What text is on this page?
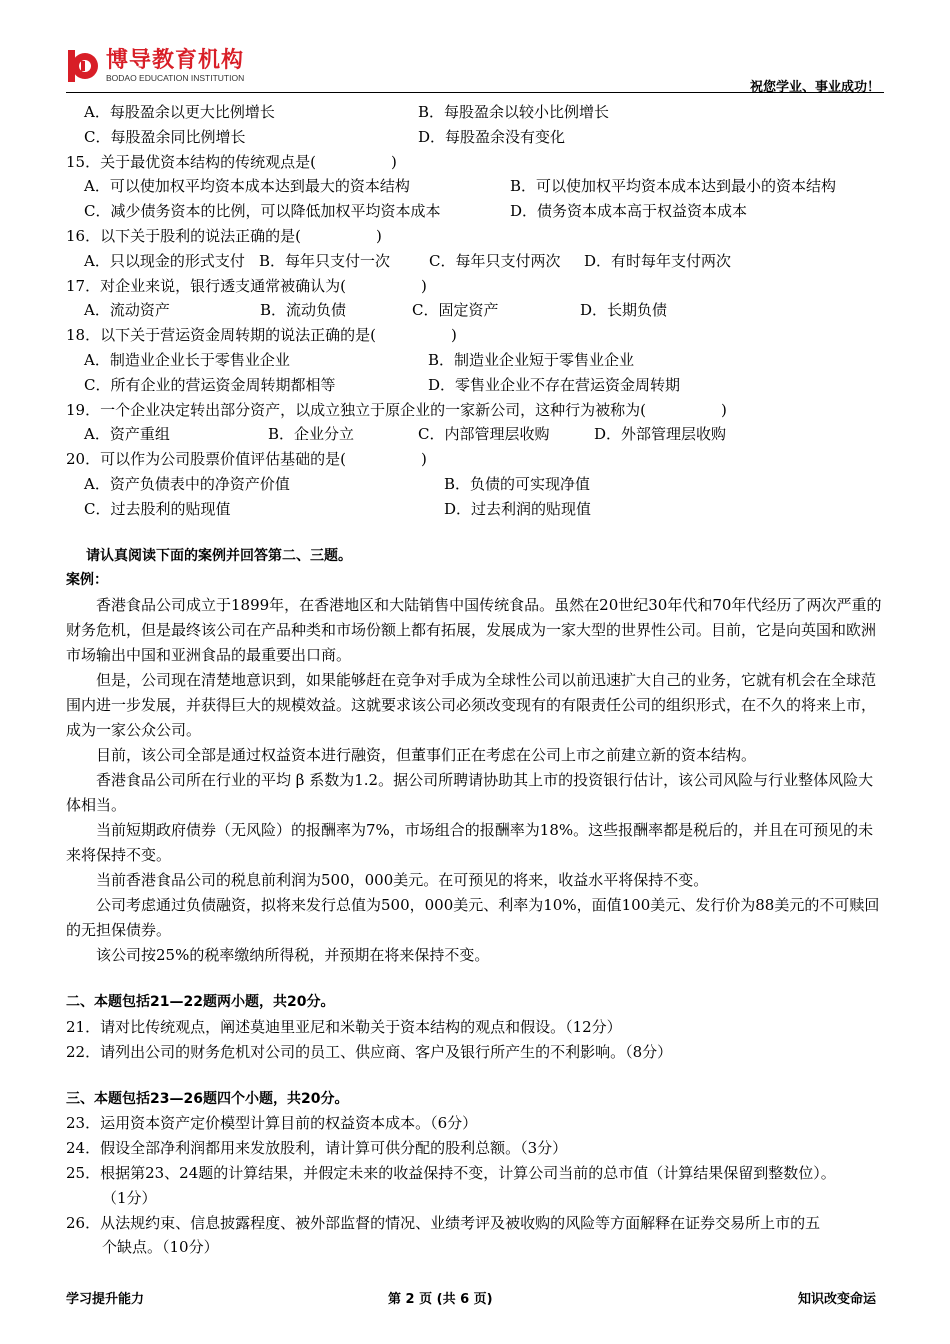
博导教育机构
BODAO EDUCATION INSTITUTION
祝您学业、事业成功！
A．每股盈余以更大比例增长	B．每股盈余以较小比例增长
C．每股盈余同比例增长	D．每股盈余没有变化
15．关于最优资本结构的传统观点是(　　　　　)
A．可以使加权平均资本成本达到最大的资本结构	B．可以使加权平均资本成本达到最小的资本结构
C．减少债务资本的比例，可以降低加权平均资本成本	D．债务资本成本高于权益资本成本
16．以下关于股利的说法正确的是(　　　　　)
A．只以现金的形式支付 B．每年只支付一次	C．每年只支付两次	D．有时每年支付两次
17．对企业来说，银行透支通常被确认为(　　　　　)
A．流动资产	B．流动负债	C．固定资产	D．长期负债
18．以下关于营运资金周转期的说法正确的是(　　　　　)
A．制造业企业长于零售业企业	B．制造业企业短于零售业企业
C．所有企业的营运资金周转期都相等	D．零售业企业不存在营运资金周转期
19．一个企业决定转出部分资产，以成立独立于原企业的一家新公司，这种行为被称为(　　　　　)
A．资产重组	B．企业分立	C．内部管理层收购	D．外部管理层收购
20．可以作为公司股票价值评估基础的是(　　　　　)
A．资产负债表中的净资产价值	B．负债的可实现净值
C．过去股利的贴现值	D．过去利润的贴现值
请认真阅读下面的案例并回答第二、三题。
案例：

香港食品公司成立于1899年，在香港地区和大陆销售中国传统食品。虽然在20世纪30年代和70年代经历了两次严重的财务危机，但是最终该公司在产品种类和市场份额上都有拓展，发展成为一家大型的世界性公司。目前，它是向英国和欧洲市场输出中国和亚洲食品的最重要出口商。

但是，公司现在清楚地意识到，如果能够赶在竞争对手成为全球性公司以前迅速扩大自己的业务，它就有机会在全球范围内进一步发展，并获得巨大的规模效益。这就要求该公司必须改变现有的有限责任公司的组织形式，在不久的将来上市，成为一家公众公司。

目前，该公司全部是通过权益资本进行融资，但董事们正在考虑在公司上市之前建立新的资本结构。

香港食品公司所在行业的平均 β 系数为1.2。据公司所聘请协助其上市的投资银行估计，该公司风险与行业整体风险大体相当。

当前短期政府债券（无风险）的报酬率为7%，市场组合的报酬率为18%。这些报酬率都是税后的，并且在可预见的未来将保持不变。

当前香港食品公司的税息前利润为500，000美元。在可预见的将来，收益水平将保持不变。

公司考虑通过负债融资，拟将来发行总值为500，000美元、利率为10%，面值100美元、发行价为88美元的不可赎回的无担保债券。

该公司按25%的税率缴纳所得税，并预期在将来保持不变。

二、本题包括21—22题两小题，共20分。
21．请对比传统观点，阐述莫迪里亚尼和米勒关于资本结构的观点和假设。（12分）
22．请列出公司的财务危机对公司的员工、供应商、客户及银行所产生的不利影响。（8分）
三、本题包括23—26题四个小题，共20分。
23．运用资本资产定价模型计算目前的权益资本成本。（6分）
24．假设全部净利润都用来发放股利，请计算可供分配的股利总额。（3分）
25．根据第23、24题的计算结果，并假定未来的收益保持不变，计算公司当前的总市值（计算结果保留到整数位）。
（1分）
26．从法规约束、信息披露程度、被外部监督的情况、业绩考评及被收购的风险等方面解释在证券交易所上市的五
个缺点。（10分）
学习提升能力	第 2 页 (共 6 页)	知识改变命运
